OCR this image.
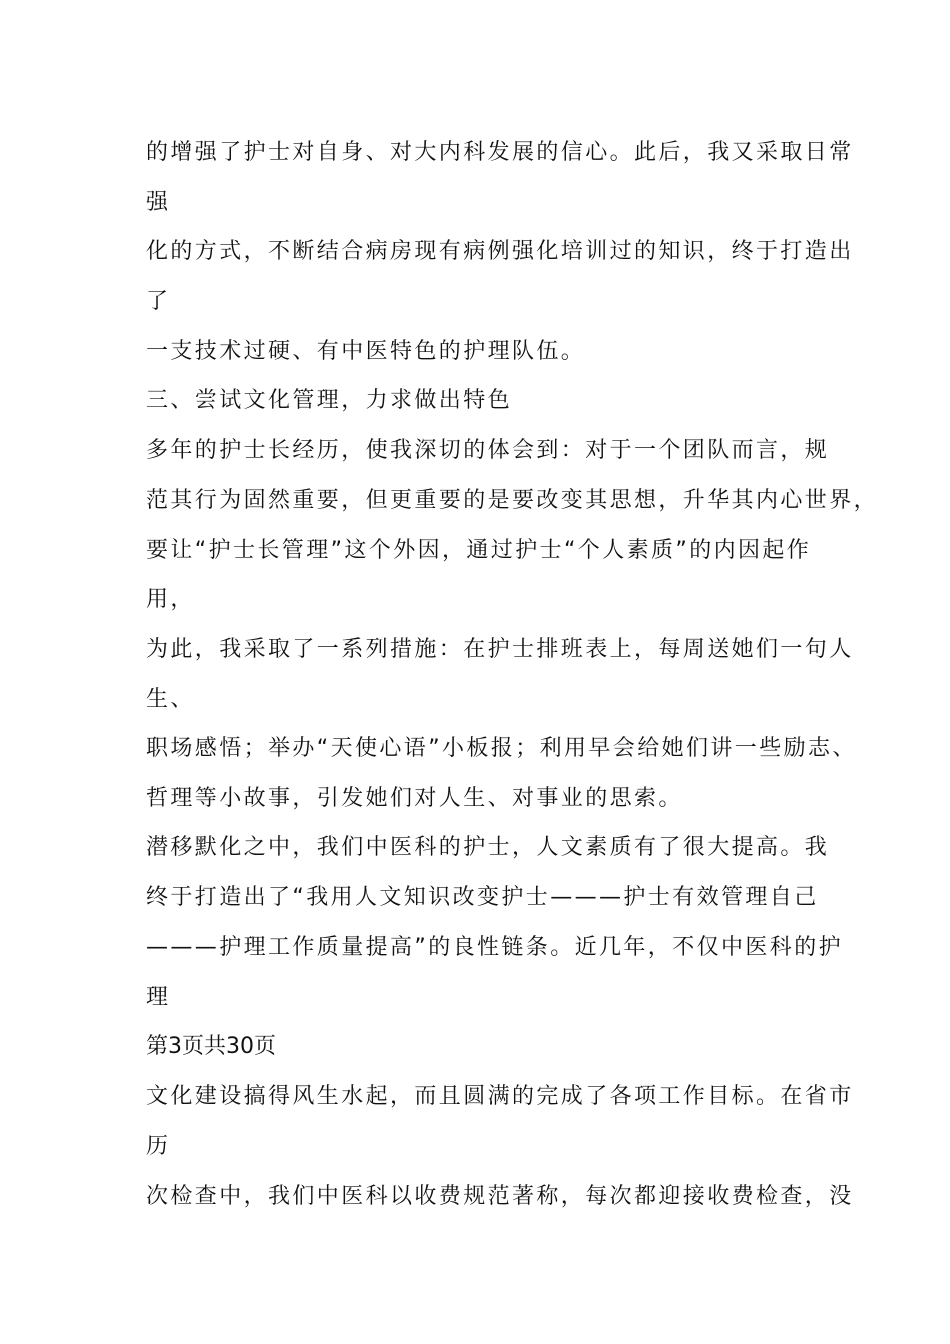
的增强了护士对自身、对大内科发展的信心。此后，我又采取日常
强
化的方式，不断结合病房现有病例强化培训过的知识，终于打造出
了
一支技术过硬、有中医特色的护理队伍。
三、尝试文化管理，力求做出特色
多年的护士长经历，使我深切的体会到：对于一个团队而言，规
范其行为固然重要，但更重要的是要改变其思想，升华其内心世界，
要让“护士长管理”这个外因，通过护士“个人素质”的内因起作
用，
为此，我采取了一系列措施：在护士排班表上，每周送她们一句人
生、
职场感悟；举办“天使心语”小板报；利用早会给她们讲一些励志、
哲理等小故事，引发她们对人生、对事业的思索。
潜移默化之中，我们中医科的护士，人文素质有了很大提高。我
终于打造出了“我用人文知识改变护士———护士有效管理自己
———护理工作质量提高”的良性链条。近几年，不仅中医科的护
理
第3页共30页
文化建设搞得风生水起，而且圆满的完成了各项工作目标。在省市
历
次检查中，我们中医科以收费规范著称，每次都迎接收费检查，没
